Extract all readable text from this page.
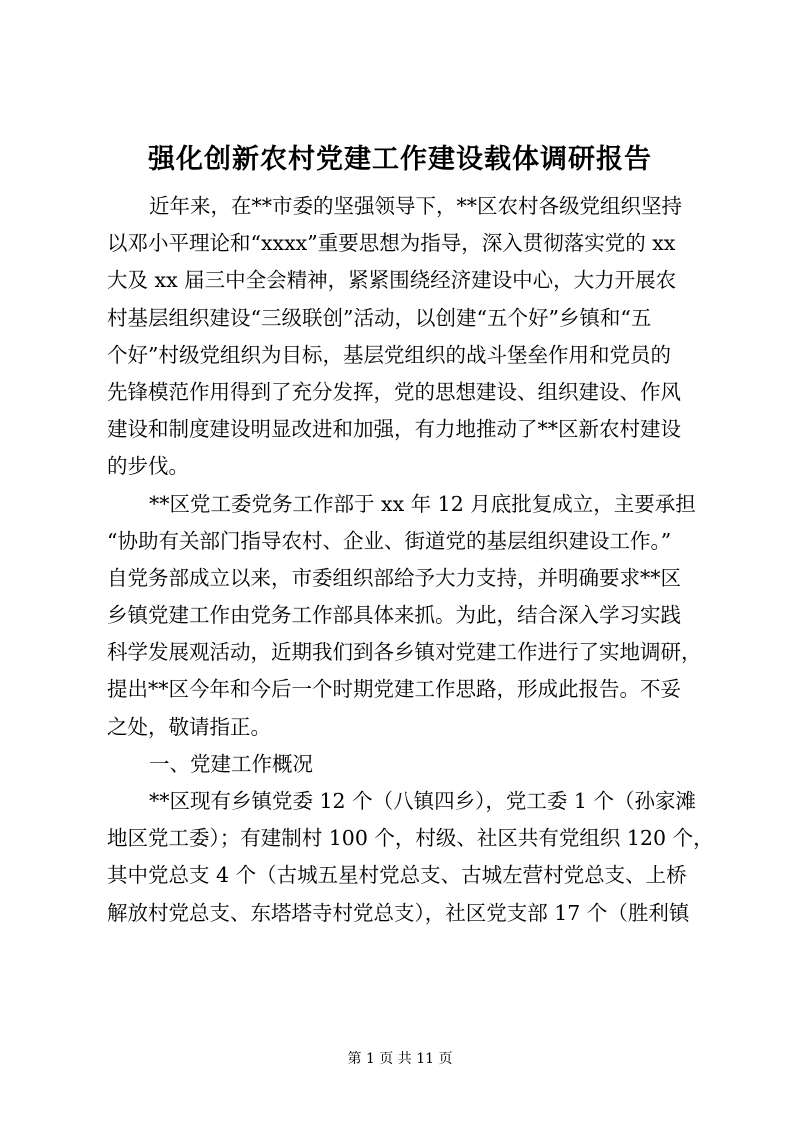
强化创新农村党建工作建设载体调研报告
近年来，在**市委的坚强领导下，**区农村各级党组织坚持
以邓小平理论和“xxxx”重要思想为指导，深入贯彻落实党的 xx
大及 xx 届三中全会精神，紧紧围绕经济建设中心，大力开展农
村基层组织建设“三级联创”活动，以创建“五个好”乡镇和“五
个好”村级党组织为目标，基层党组织的战斗堡垒作用和党员的
先锋模范作用得到了充分发挥，党的思想建设、组织建设、作风
建设和制度建设明显改进和加强，有力地推动了**区新农村建设
的步伐。
**区党工委党务工作部于 xx 年 12 月底批复成立，主要承担
“协助有关部门指导农村、企业、街道党的基层组织建设工作。”
自党务部成立以来，市委组织部给予大力支持，并明确要求**区
乡镇党建工作由党务工作部具体来抓。为此，结合深入学习实践
科学发展观活动，近期我们到各乡镇对党建工作进行了实地调研，
提出**区今年和今后一个时期党建工作思路，形成此报告。不妥
之处，敬请指正。
一、党建工作概况
**区现有乡镇党委 12 个（八镇四乡），党工委 1 个（孙家滩
地区党工委）；有建制村 100 个，村级、社区共有党组织 120 个，
其中党总支 4 个（古城五星村党总支、古城左营村党总支、上桥
解放村党总支、东塔塔寺村党总支），社区党支部 17 个（胜利镇
第 1 页 共 11 页
